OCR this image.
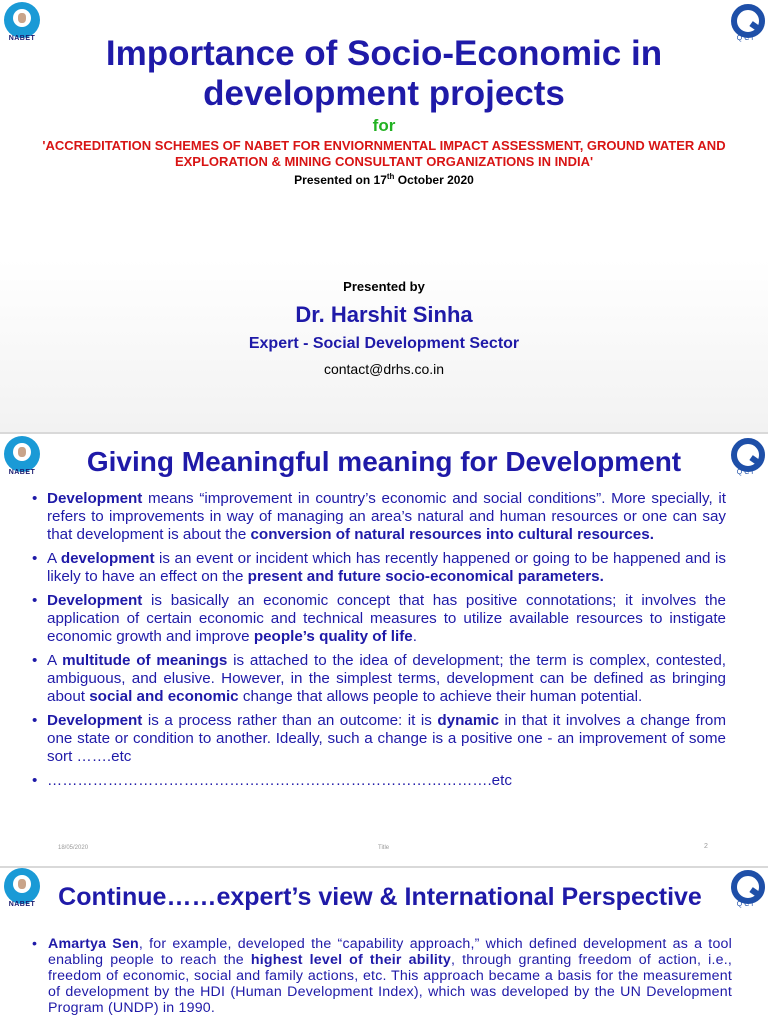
NABET	QCI
Importance of Socio-Economic in development projects
for
'ACCREDITATION SCHEMES OF NABET FOR ENVIORNMENTAL IMPACT ASSESSMENT, GROUND WATER AND EXPLORATION & MINING CONSULTANT ORGANIZATIONS IN INDIA'
Presented on 17th October 2020
Presented by
Dr. Harshit Sinha
Expert - Social Development Sector
contact@drhs.co.in
NABET	QCI
Giving Meaningful meaning for Development
• Development means “improvement in country’s economic and social conditions”. More specially, it refers to improvements in way of managing an area’s natural and human resources or one can say that development is about the conversion of natural resources into cultural resources.
• A development is an event or incident which has recently happened or going to be happened and is likely to have an effect on the present and future socio-economical parameters.
• Development is basically an economic concept that has positive connotations; it involves the application of certain economic and technical measures to utilize available resources to instigate economic growth and improve people’s quality of life.
• A multitude of meanings is attached to the idea of development; the term is complex, contested, ambiguous, and elusive. However, in the simplest terms, development can be defined as bringing about social and economic change that allows people to achieve their human potential.
• Development is a process rather than an outcome: it is dynamic in that it involves a change from one state or condition to another. Ideally, such a change is a positive one - an improvement of some sort …….etc
• …………………………………………………………………………….etc
18/05/2020	Title	2
NABET	QCI
Continue……expert’s view & International Perspective
• Amartya Sen, for example, developed the “capability approach,” which defined development as a tool enabling people to reach the highest level of their ability, through granting freedom of action, i.e., freedom of economic, social and family actions, etc. This approach became a basis for the measurement of development by the HDI (Human Development Index), which was developed by the UN Development Program (UNDP) in 1990.
